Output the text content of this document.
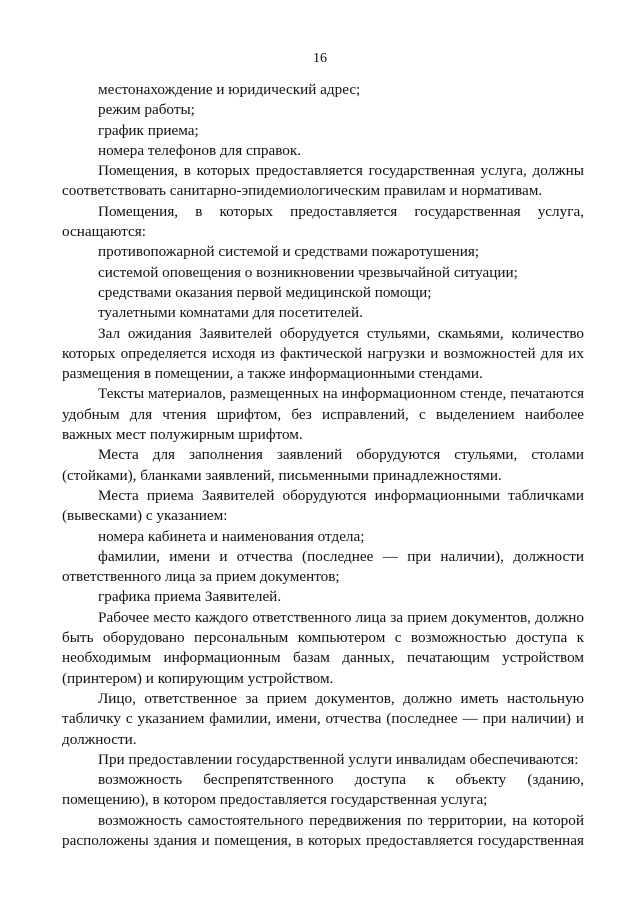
16

местонахождение и юридический адрес;

режим работы;

график приема;

номера телефонов для справок.

Помещения, в которых предоставляется государственная услуга, должны соответствовать санитарно-эпидемиологическим правилам и нормативам.

Помещения, в которых предоставляется государственная услуга, оснащаются:

противопожарной системой и средствами пожаротушения;

системой оповещения о возникновении чрезвычайной ситуации;

средствами оказания первой медицинской помощи;

туалетными комнатами для посетителей.

Зал ожидания Заявителей оборудуется стульями, скамьями, количество которых определяется исходя из фактической нагрузки и возможностей для их размещения в помещении, а также информационными стендами.

Тексты материалов, размещенных на информационном стенде, печатаются удобным для чтения шрифтом, без исправлений, с выделением наиболее важных мест полужирным шрифтом.

Места для заполнения заявлений оборудуются стульями, столами (стойками), бланками заявлений, письменными принадлежностями.

Места приема Заявителей оборудуются информационными табличками (вывесками) с указанием:

номера кабинета и наименования отдела;

фамилии, имени и отчества (последнее — при наличии), должности ответственного лица за прием документов;

графика приема Заявителей.

Рабочее место каждого ответственного лица за прием документов, должно быть оборудовано персональным компьютером с возможностью доступа к необходимым информационным базам данных, печатающим устройством (принтером) и копирующим устройством.

Лицо, ответственное за прием документов, должно иметь настольную табличку с указанием фамилии, имени, отчества (последнее — при наличии) и должности.

При предоставлении государственной услуги инвалидам обеспечиваются:

возможность беспрепятственного доступа к объекту (зданию, помещению), в котором предоставляется государственная услуга;

возможность самостоятельного передвижения по территории, на которой расположены здания и помещения, в которых предоставляется государственная
